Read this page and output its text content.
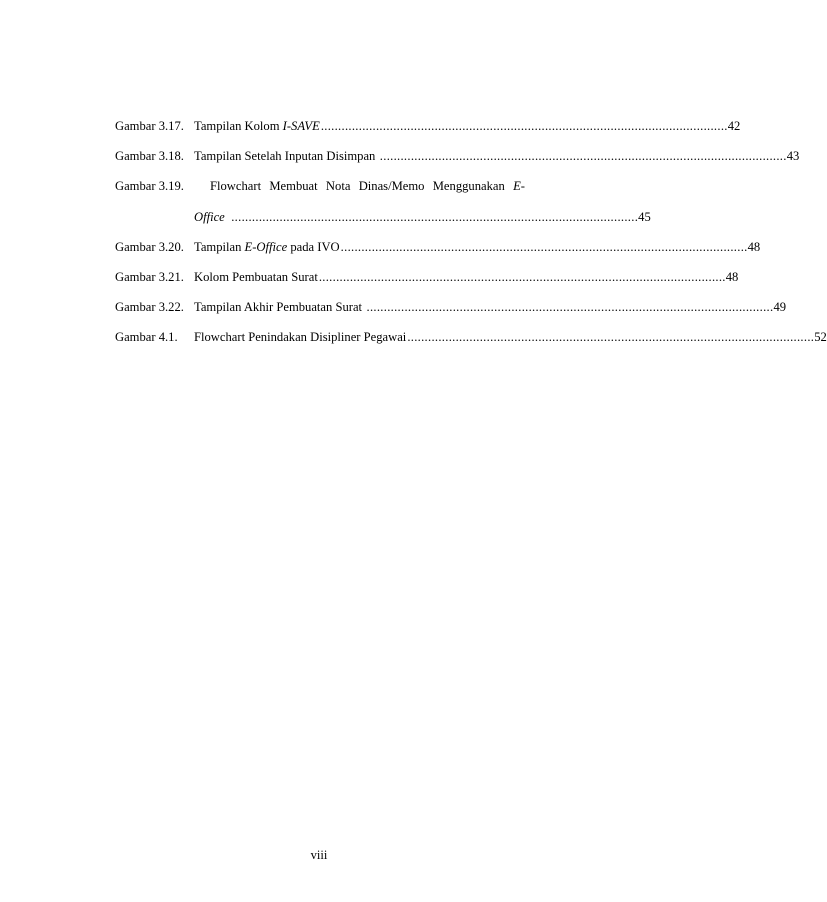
Gambar 3.17. Tampilan Kolom I-SAVE ...................................................................................................................... 42
Gambar 3.18. Tampilan Setelah Inputan Disimpan ...................................................................................................................... 43
Gambar 3.19.	Flowchart Membuat Nota Dinas/Memo Menggunakan E-
Office ...................................................................................................................... 45
Gambar 3.20. Tampilan E-Office pada IVO ...................................................................................................................... 48
Gambar 3.21. Kolom Pembuatan Surat ...................................................................................................................... 48
Gambar 3.22. Tampilan Akhir Pembuatan Surat ...................................................................................................................... 49
Gambar 4.1. Flowchart Penindakan Disipliner Pegawai ...................................................................................................................... 52
viii
